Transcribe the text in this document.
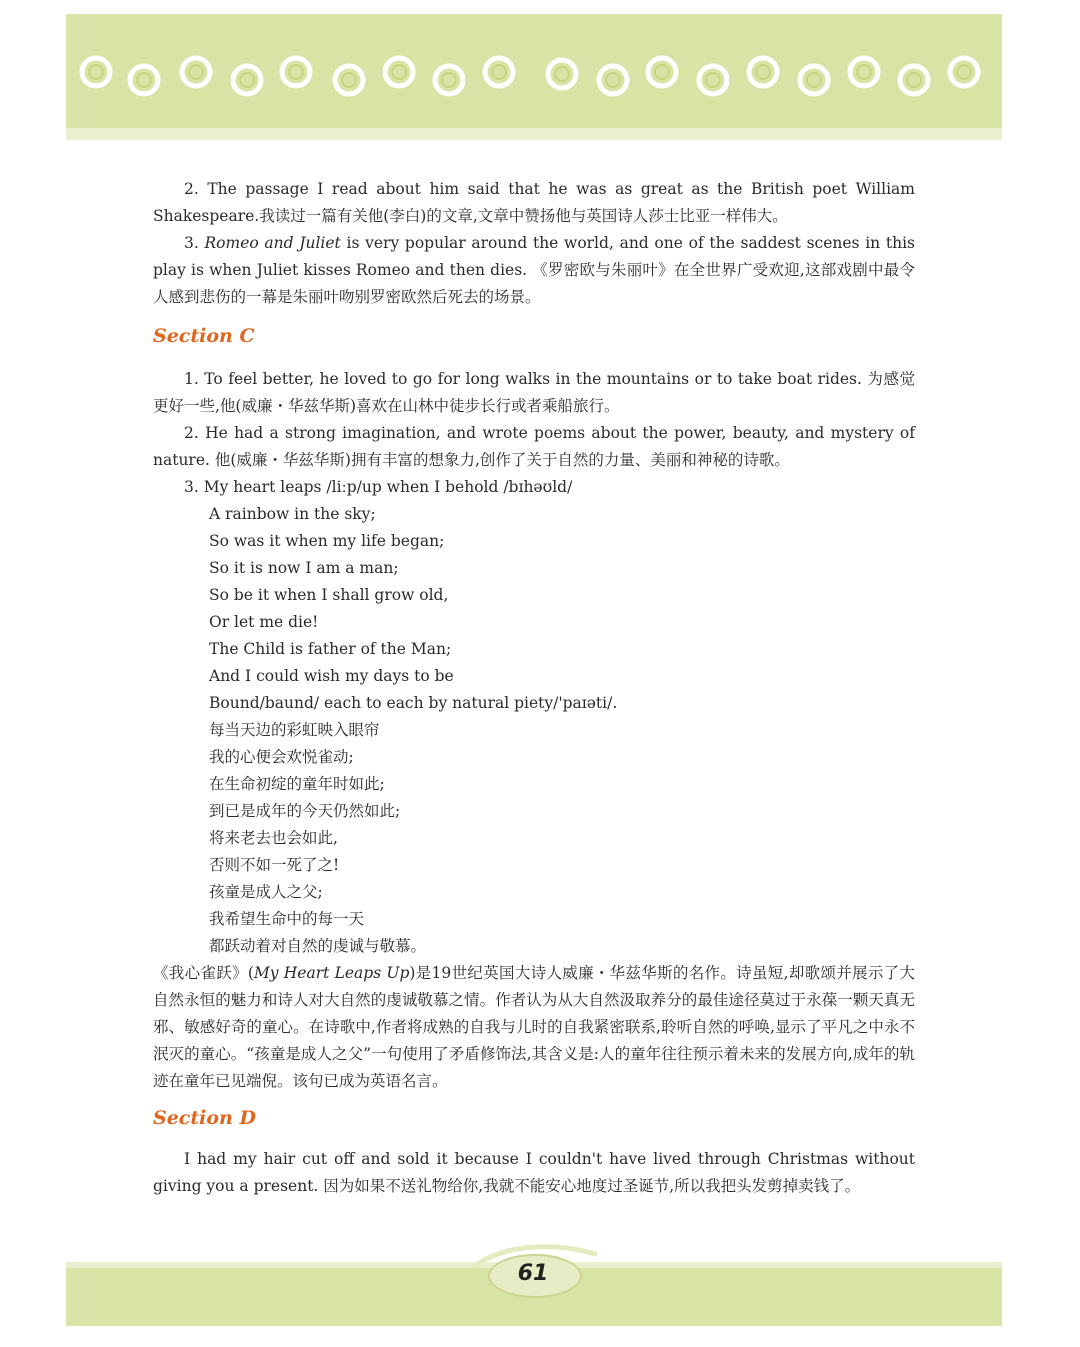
2. The passage I read about him said that he was as great as the British poet William Shakespeare.我读过一篇有关他(李白)的文章,文章中赞扬他与英国诗人莎士比亚一样伟大。

3. Romeo and Juliet is very popular around the world, and one of the saddest scenes in this play is when Juliet kisses Romeo and then dies. 《罗密欧与朱丽叶》在全世界广受欢迎,这部戏剧中最令人感到悲伤的一幕是朱丽叶吻别罗密欧然后死去的场景。

Section C

1. To feel better, he loved to go for long walks in the mountains or to take boat rides. 为感觉更好一些,他(威廉・华兹华斯)喜欢在山林中徒步长行或者乘船旅行。

2. He had a strong imagination, and wrote poems about the power, beauty, and mystery of nature. 他(威廉・华兹华斯)拥有丰富的想象力,创作了关于自然的力量、美丽和神秘的诗歌。

3. My heart leaps /liːp/up when I behold /bɪhəʊld/

A rainbow in the sky;

So was it when my life began;

So it is now I am a man;

So be it when I shall grow old,

Or let me die!

The Child is father of the Man;

And I could wish my days to be

Bound/baund/ each to each by natural piety/'paɪəti/.

每当天边的彩虹映入眼帘

我的心便会欢悦雀动;

在生命初绽的童年时如此;

到已是成年的今天仍然如此;

将来老去也会如此,

否则不如一死了之!

孩童是成人之父;

我希望生命中的每一天

都跃动着对自然的虔诚与敬慕。

《我心雀跃》(My Heart Leaps Up)是19世纪英国大诗人威廉・华兹华斯的名作。诗虽短,却歌颂并展示了大自然永恒的魅力和诗人对大自然的虔诚敬慕之情。作者认为从大自然汲取养分的最佳途径莫过于永葆一颗天真无邪、敏感好奇的童心。在诗歌中,作者将成熟的自我与儿时的自我紧密联系,聆听自然的呼唤,显示了平凡之中永不泯灭的童心。“孩童是成人之父”一句使用了矛盾修饰法,其含义是:人的童年往往预示着未来的发展方向,成年的轨迹在童年已见端倪。该句已成为英语名言。

Section D

I had my hair cut off and sold it because I couldn't have lived through Christmas without giving you a present. 因为如果不送礼物给你,我就不能安心地度过圣诞节,所以我把头发剪掉卖钱了。

61
